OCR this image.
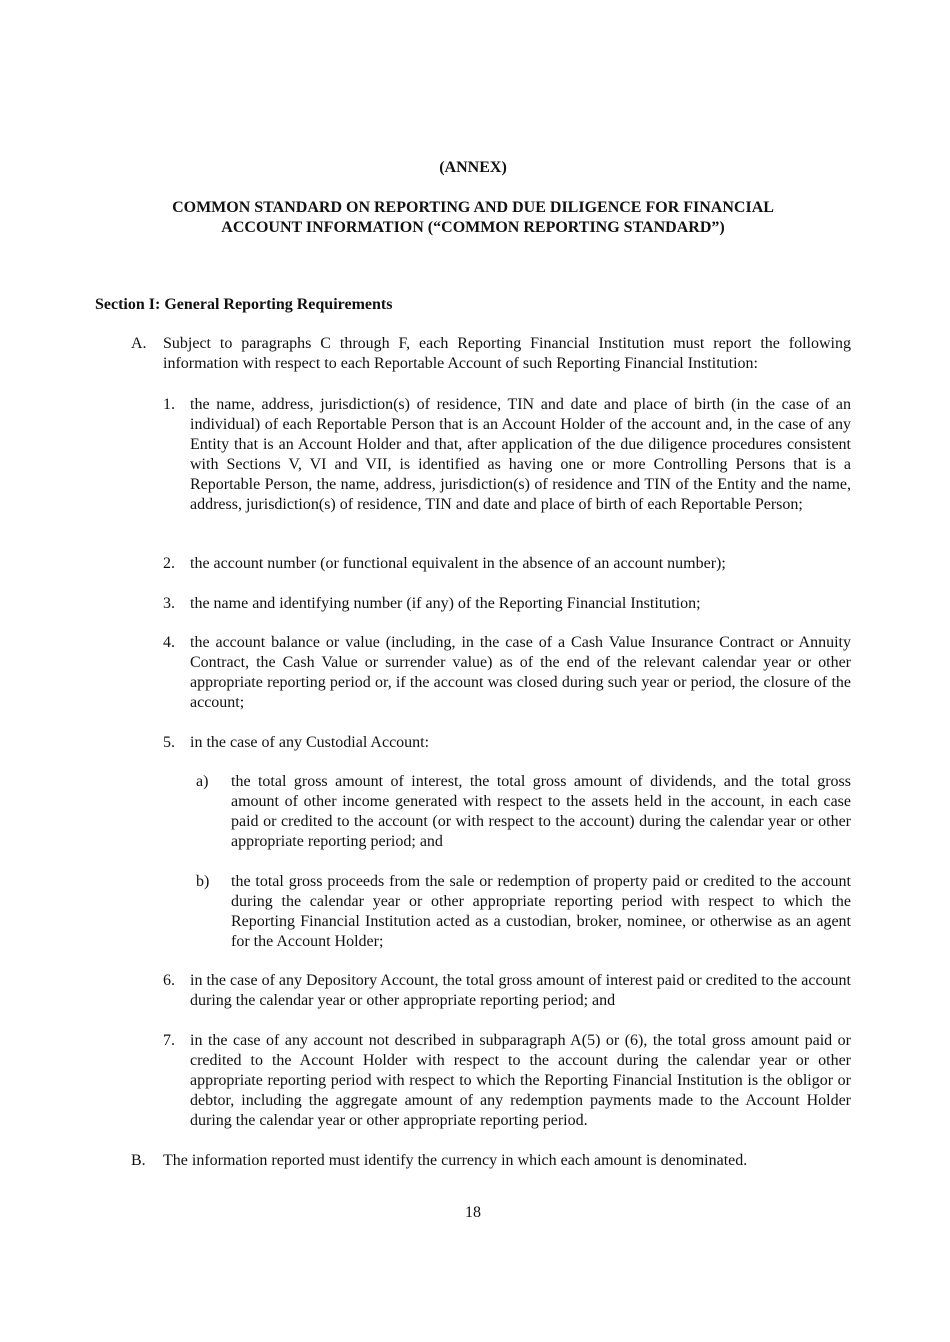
(ANNEX)
COMMON STANDARD ON REPORTING AND DUE DILIGENCE FOR FINANCIAL
ACCOUNT INFORMATION (“COMMON REPORTING STANDARD”)
Section I: General Reporting Requirements
A. Subject to paragraphs C through F, each Reporting Financial Institution must report the following information with respect to each Reportable Account of such Reporting Financial Institution:
1. the name, address, jurisdiction(s) of residence, TIN and date and place of birth (in the case of an individual) of each Reportable Person that is an Account Holder of the account and, in the case of any Entity that is an Account Holder and that, after application of the due diligence procedures consistent with Sections V, VI and VII, is identified as having one or more Controlling Persons that is a Reportable Person, the name, address, jurisdiction(s) of residence and TIN of the Entity and the name, address, jurisdiction(s) of residence, TIN and date and place of birth of each Reportable Person;
2. the account number (or functional equivalent in the absence of an account number);
3. the name and identifying number (if any) of the Reporting Financial Institution;
4. the account balance or value (including, in the case of a Cash Value Insurance Contract or Annuity Contract, the Cash Value or surrender value) as of the end of the relevant calendar year or other appropriate reporting period or, if the account was closed during such year or period, the closure of the account;
5. in the case of any Custodial Account:
a) the total gross amount of interest, the total gross amount of dividends, and the total gross amount of other income generated with respect to the assets held in the account, in each case paid or credited to the account (or with respect to the account) during the calendar year or other appropriate reporting period; and
b) the total gross proceeds from the sale or redemption of property paid or credited to the account during the calendar year or other appropriate reporting period with respect to which the Reporting Financial Institution acted as a custodian, broker, nominee, or otherwise as an agent for the Account Holder;
6. in the case of any Depository Account, the total gross amount of interest paid or credited to the account during the calendar year or other appropriate reporting period; and
7. in the case of any account not described in subparagraph A(5) or (6), the total gross amount paid or credited to the Account Holder with respect to the account during the calendar year or other appropriate reporting period with respect to which the Reporting Financial Institution is the obligor or debtor, including the aggregate amount of any redemption payments made to the Account Holder during the calendar year or other appropriate reporting period.
B. The information reported must identify the currency in which each amount is denominated.
18
